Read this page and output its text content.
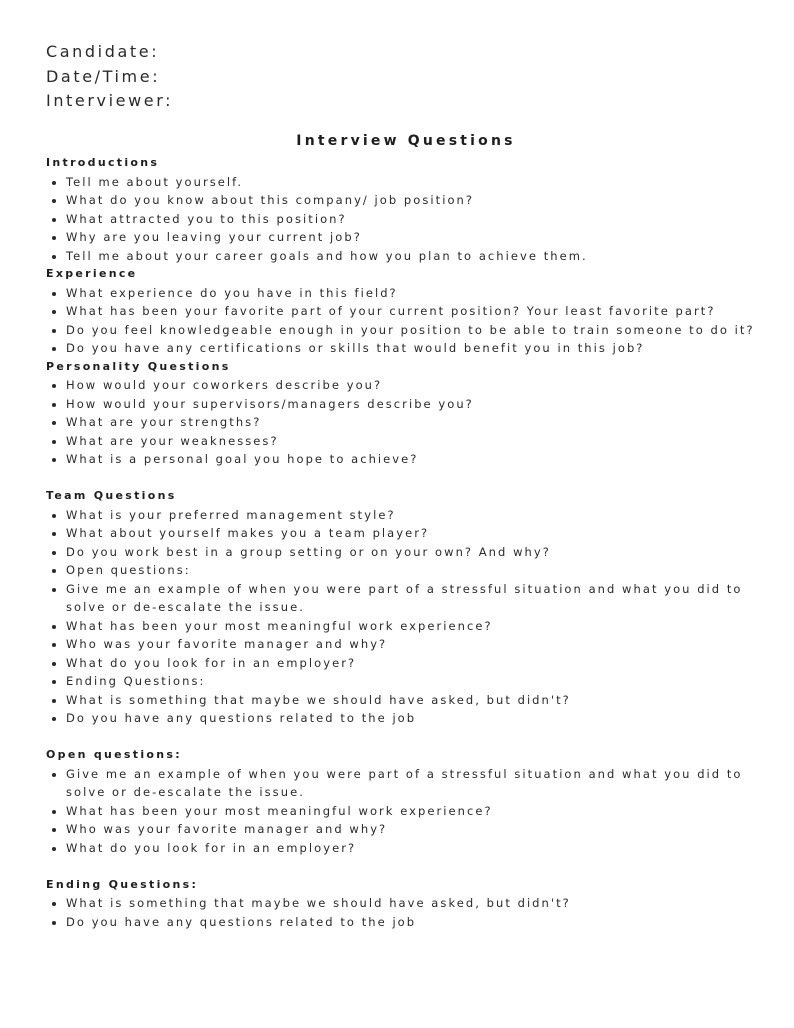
Candidate:
Date/Time:
Interviewer:
Interview Questions
Introductions
Tell me about yourself.
What do you know about this company/ job position?
What attracted you to this position?
Why are you leaving your current job?
Tell me about your career goals and how you plan to achieve them.
Experience
What experience do you have in this field?
What has been your favorite part of your current position? Your least favorite part?
Do you feel knowledgeable enough in your position to be able to train someone to do it?
Do you have any certifications or skills that would benefit you in this job?
Personality Questions
How would your coworkers describe you?
How would your supervisors/managers describe you?
What are your strengths?
What are your weaknesses?
What is a personal goal you hope to achieve?
Team Questions
What is your preferred management style?
What about yourself makes you a team player?
Do you work best in a group setting or on your own? And why?
Open questions:
Give me an example of when you were part of a stressful situation and what you did to solve or de-escalate the issue.
What has been your most meaningful work experience?
Who was your favorite manager and why?
What do you look for in an employer?
Ending Questions:
What is something that maybe we should have asked, but didn't?
Do you have any questions related to the job
Open questions:
Give me an example of when you were part of a stressful situation and what you did to solve or de-escalate the issue.
What has been your most meaningful work experience?
Who was your favorite manager and why?
What do you look for in an employer?
Ending Questions:
What is something that maybe we should have asked, but didn't?
Do you have any questions related to the job
